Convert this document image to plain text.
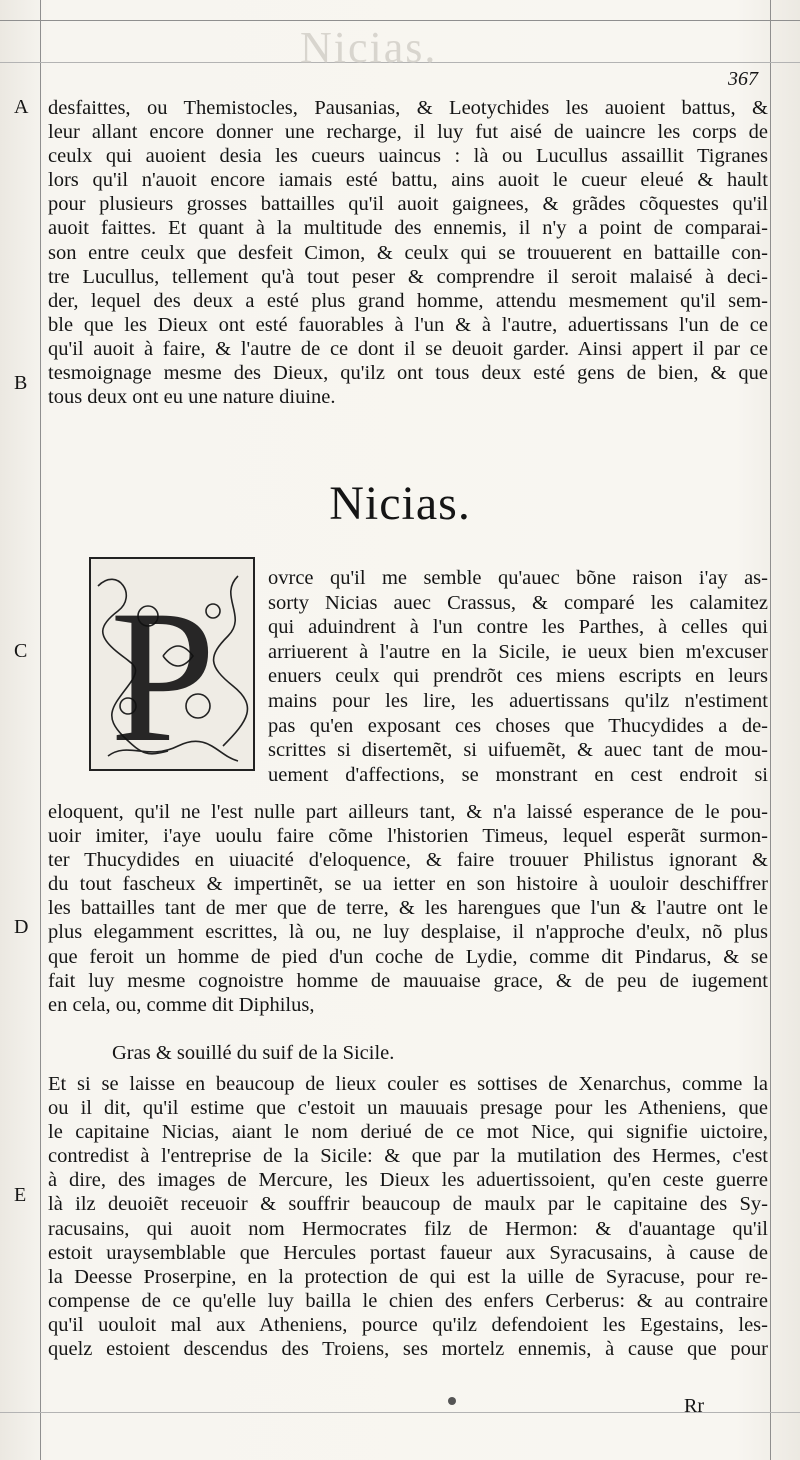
Nicias.
367
A
B
C
D
E
desfaittes, ou Themistocles, Pausanias, & Leotychides les auoient battus, &
leur allant encore donner une recharge, il luy fut aisé de uaincre les corps de
ceulx qui auoient desia les cueurs uaincus : là ou Lucullus assaillit Tigranes
lors qu'il n'auoit encore iamais esté battu, ains auoit le cueur eleué & hault
pour plusieurs grosses battailles qu'il auoit gaignees, & grãdes cõquestes qu'il
auoit faittes. Et quant à la multitude des ennemis, il n'y a point de comparai-
son entre ceulx que desfeit Cimon, & ceulx qui se trouuerent en battaille con-
tre Lucullus, tellement qu'à tout peser & comprendre il seroit malaisé à deci-
der, lequel des deux a esté plus grand homme, attendu mesmement qu'il sem-
ble que les Dieux ont esté fauorables à l'un & à l'autre, aduertissans l'un de ce
qu'il auoit à faire, & l'autre de ce dont il se deuoit garder. Ainsi appert il par ce
tesmoignage mesme des Dieux, qu'ilz ont tous deux esté gens de bien, & que
tous deux ont eu une nature diuine.
Nicias.
P	ovrce qu'il me semble qu'auec bõne raison i'ay as-
sorty Nicias auec Crassus, & comparé les calamitez
qui aduindrent à l'un contre les Parthes, à celles qui
arriuerent à l'autre en la Sicile, ie ueux bien m'excuser
enuers ceulx qui prendrõt ces miens escripts en leurs
mains pour les lire, les aduertissans qu'ilz n'estiment
pas qu'en exposant ces choses que Thucydides a de-
scrittes si disertemẽt, si uifuemẽt, & auec tant de mou-
uement d'affections, se monstrant en cest endroit si
eloquent, qu'il ne l'est nulle part ailleurs tant, & n'a laissé esperance de le pou-
uoir imiter, i'aye uoulu faire cõme l'historien Timeus, lequel esperãt surmon-
ter Thucydides en uiuacité d'eloquence, & faire trouuer Philistus ignorant &
du tout fascheux & impertinẽt, se ua ietter en son histoire à uouloir deschiffrer
les battailles tant de mer que de terre, & les harengues que l'un & l'autre ont le
plus elegamment escrittes, là ou, ne luy desplaise, il n'approche d'eulx, nõ plus
que feroit un homme de pied d'un coche de Lydie, comme dit Pindarus, & se
fait luy mesme cognoistre homme de mauuaise grace, & de peu de iugement
en cela, ou, comme dit Diphilus,
Gras & souillé du suif de la Sicile.
Et si se laisse en beaucoup de lieux couler es sottises de Xenarchus, comme la
ou il dit, qu'il estime que c'estoit un mauuais presage pour les Atheniens, que
le capitaine Nicias, aiant le nom deriué de ce mot Nice, qui signifie uictoire,
contredist à l'entreprise de la Sicile: & que par la mutilation des Hermes, c'est
à dire, des images de Mercure, les Dieux les aduertissoient, qu'en ceste guerre
là ilz deuoiẽt receuoir & souffrir beaucoup de maulx par le capitaine des Sy-
racusains, qui auoit nom Hermocrates filz de Hermon: & d'auantage qu'il
estoit uraysemblable que Hercules portast faueur aux Syracusains, à cause de
la Deesse Proserpine, en la protection de qui est la uille de Syracuse, pour re-
compense de ce qu'elle luy bailla le chien des enfers Cerberus: & au contraire
qu'il uouloit mal aux Atheniens, pource qu'ilz defendoient les Egestains, les-
quelz estoient descendus des Troiens, ses mortelz ennemis, à cause que pour
Rr
